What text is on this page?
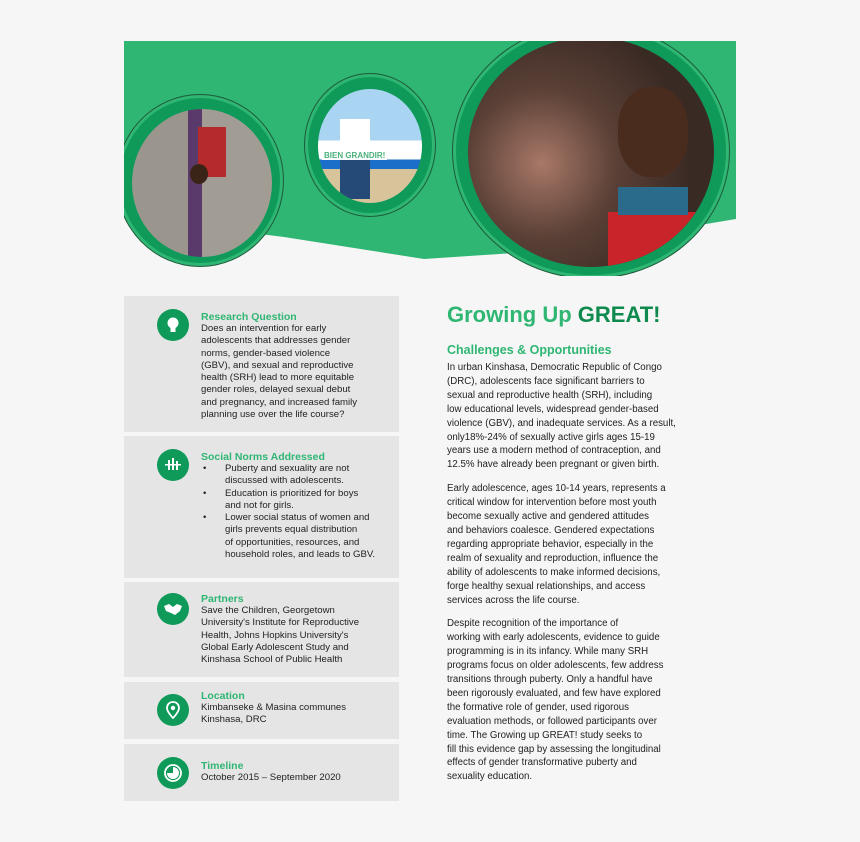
BIEN GRANDIR!
Research Question
Does an intervention for early
adolescents that addresses gender
norms, gender-based violence
(GBV), and sexual and reproductive
health (SRH) lead to more equitable
gender roles, delayed sexual debut
and pregnancy, and increased family
planning use over the life course?
Social Norms Addressed
• Puberty and sexuality are not
discussed with adolescents.
• Education is prioritized for boys
and not for girls.
• Lower social status of women and
girls prevents equal distribution
of opportunities, resources, and
household roles, and leads to GBV.
Partners
Save the Children, Georgetown
University's Institute for Reproductive
Health, Johns Hopkins University's
Global Early Adolescent Study and
Kinshasa School of Public Health
Location
Kimbanseke & Masina communes
Kinshasa, DRC
Timeline
October 2015 – September 2020
Growing Up GREAT!
Challenges & Opportunities

In urban Kinshasa, Democratic Republic of Congo
(DRC), adolescents face significant barriers to
sexual and reproductive health (SRH), including
low educational levels, widespread gender-based
violence (GBV), and inadequate services. As a result,
only18%-24% of sexually active girls ages 15-19
years use a modern method of contraception, and
12.5% have already been pregnant or given birth.

Early adolescence, ages 10-14 years, represents a
critical window for intervention before most youth
become sexually active and gendered attitudes
and behaviors coalesce. Gendered expectations
regarding appropriate behavior, especially in the
realm of sexuality and reproduction, influence the
ability of adolescents to make informed decisions,
forge healthy sexual relationships, and access
services across the life course.

Despite recognition of the importance of
working with early adolescents, evidence to guide
programming is in its infancy. While many SRH
programs focus on older adolescents, few address
transitions through puberty. Only a handful have
been rigorously evaluated, and few have explored
the formative role of gender, used rigorous
evaluation methods, or followed participants over
time. The Growing up GREAT! study seeks to
fill this evidence gap by assessing the longitudinal
effects of gender transformative puberty and
sexuality education.
